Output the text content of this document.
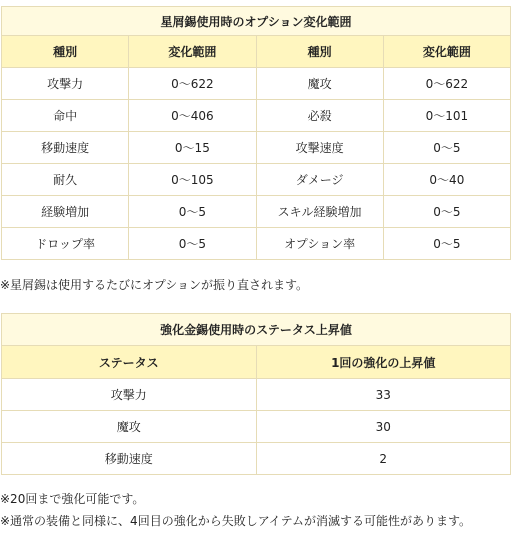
星屑錫使用時のオプション変化範囲			
種別	変化範囲	種別	変化範囲
攻撃力	0～622	魔攻	0～622
命中	0～406	必殺	0～101
移動速度	0～15	攻撃速度	0～5
耐久	0～105	ダメージ	0～40
経験増加	0～5	スキル経験増加	0～5
ドロップ率	0～5	オプション率	0～5
※星屑錫は使用するたびにオプションが振り直されます。
強化金錫使用時のステータス上昇値	
ステータス	1回の強化の上昇値
攻撃力	33
魔攻	30
移動速度	2
※20回まで強化可能です。
※通常の装備と同様に、4回目の強化から失敗しアイテムが消滅する可能性があります。
